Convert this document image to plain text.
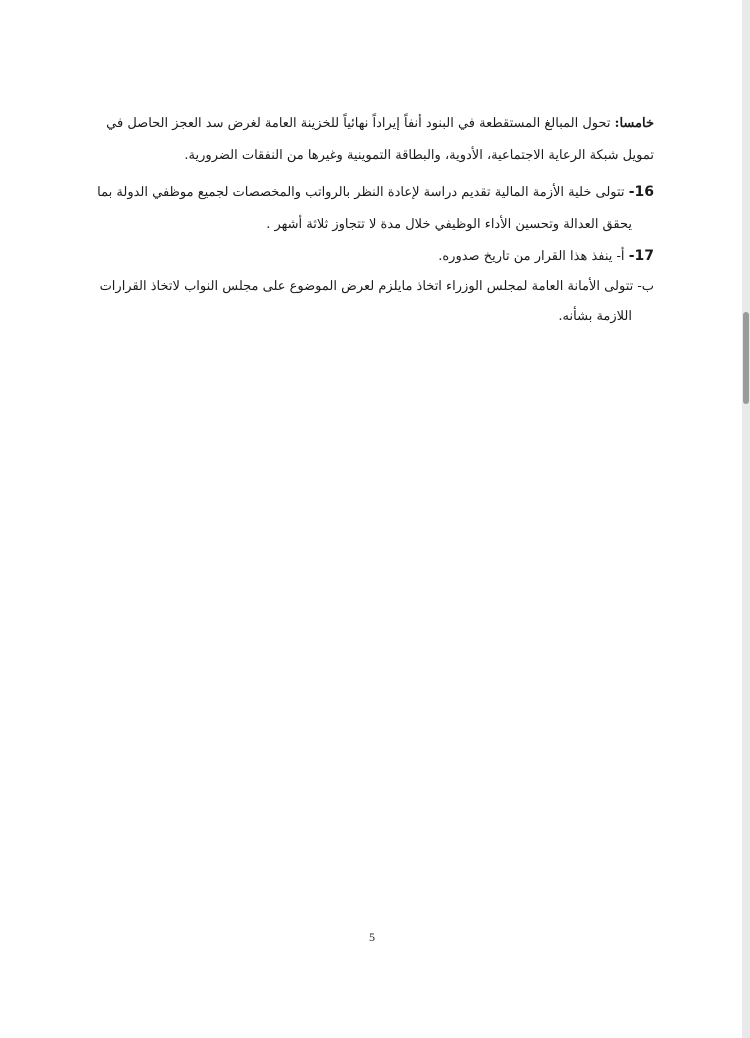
خامسا: تحول المبالغ المستقطعة في البنود أنفاً إيراداً نهائياً للخزينة العامة لغرض سد العجز الحاصل في
تمويل شبكة الرعاية الاجتماعية، الأدوية، والبطاقة التموينية وغيرها من النفقات الضرورية.

16- تتولى خلية الأزمة المالية تقديم دراسة لإعادة النظر بالرواتب والمخصصات لجميع موظفي الدولة بما
يحقق العدالة وتحسين الأداء الوظيفي خلال مدة لا تتجاوز ثلاثة أشهر .

17- أ- ينفذ هذا القرار من تاريخ صدوره.

ب- تتولى الأمانة العامة لمجلس الوزراء اتخاذ مايلزم لعرض الموضوع على مجلس النواب لاتخاذ القرارات
اللازمة بشأنه.

5
